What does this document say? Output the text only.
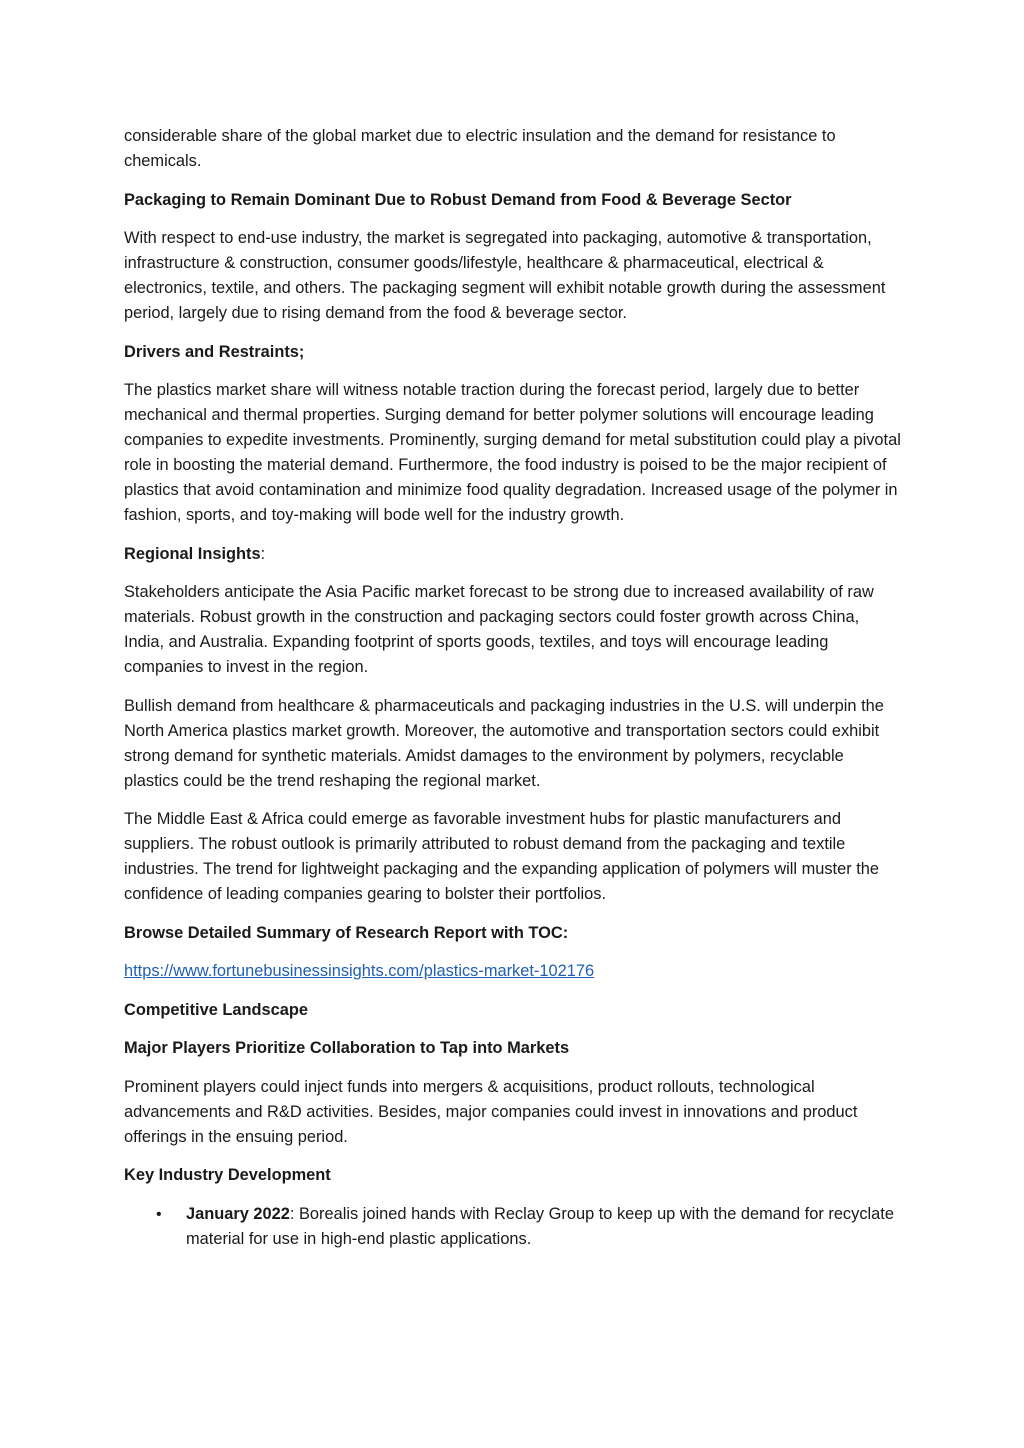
considerable share of the global market due to electric insulation and the demand for resistance to chemicals.

Packaging to Remain Dominant Due to Robust Demand from Food & Beverage Sector

With respect to end-use industry, the market is segregated into packaging, automotive & transportation, infrastructure & construction, consumer goods/lifestyle, healthcare & pharmaceutical, electrical & electronics, textile, and others. The packaging segment will exhibit notable growth during the assessment period, largely due to rising demand from the food & beverage sector.

Drivers and Restraints;

The plastics market share will witness notable traction during the forecast period, largely due to better mechanical and thermal properties. Surging demand for better polymer solutions will encourage leading companies to expedite investments. Prominently, surging demand for metal substitution could play a pivotal role in boosting the material demand. Furthermore, the food industry is poised to be the major recipient of plastics that avoid contamination and minimize food quality degradation. Increased usage of the polymer in fashion, sports, and toy-making will bode well for the industry growth.

Regional Insights:

Stakeholders anticipate the Asia Pacific market forecast to be strong due to increased availability of raw materials. Robust growth in the construction and packaging sectors could foster growth across China, India, and Australia. Expanding footprint of sports goods, textiles, and toys will encourage leading companies to invest in the region.

Bullish demand from healthcare & pharmaceuticals and packaging industries in the U.S. will underpin the North America plastics market growth. Moreover, the automotive and transportation sectors could exhibit strong demand for synthetic materials. Amidst damages to the environment by polymers, recyclable plastics could be the trend reshaping the regional market.

The Middle East & Africa could emerge as favorable investment hubs for plastic manufacturers and suppliers. The robust outlook is primarily attributed to robust demand from the packaging and textile industries. The trend for lightweight packaging and the expanding application of polymers will muster the confidence of leading companies gearing to bolster their portfolios.

Browse Detailed Summary of Research Report with TOC:

https://www.fortunebusinessinsights.com/plastics-market-102176

Competitive Landscape

Major Players Prioritize Collaboration to Tap into Markets

Prominent players could inject funds into mergers & acquisitions, product rollouts, technological advancements and R&D activities. Besides, major companies could invest in innovations and product offerings in the ensuing period.

Key Industry Development

• January 2022: Borealis joined hands with Reclay Group to keep up with the demand for recyclate material for use in high-end plastic applications.
